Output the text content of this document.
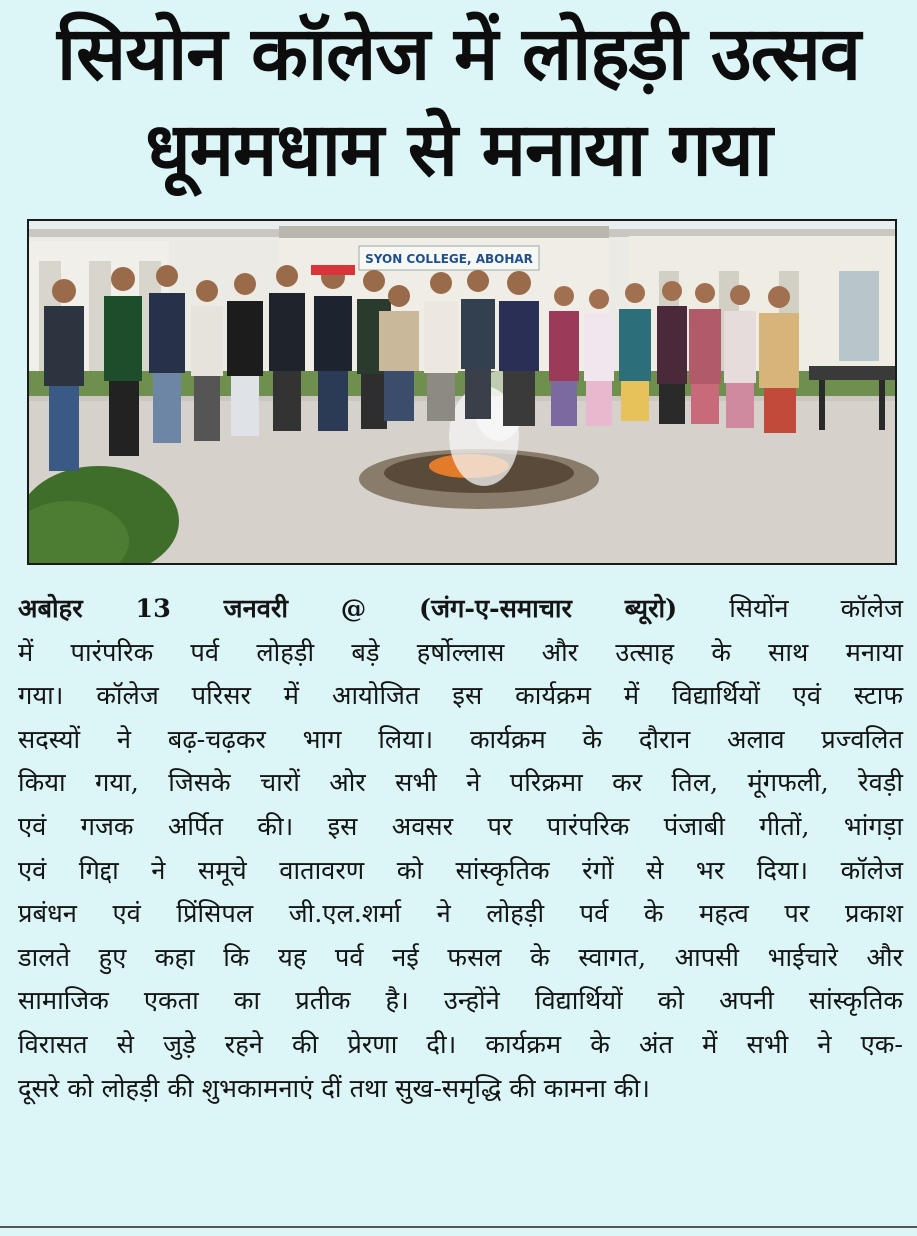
सियोन कॉलेज में लोहड़ी उत्सव
धूममधाम से मनाया गया
SYON COLLEGE, ABOHAR
अबोहर 13 जनवरी @ (जंग-ए-समाचार ब्यूरो) सियोंन कॉलेज
में पारंपरिक पर्व लोहड़ी बड़े हर्षोल्लास और उत्साह के साथ मनाया
गया। कॉलेज परिसर में आयोजित इस कार्यक्रम में विद्यार्थियों एवं स्टाफ
सदस्यों ने बढ़-चढ़कर भाग लिया। कार्यक्रम के दौरान अलाव प्रज्वलित
किया गया, जिसके चारों ओर सभी ने परिक्रमा कर तिल, मूंगफली, रेवड़ी
एवं गजक अर्पित की। इस अवसर पर पारंपरिक पंजाबी गीतों, भांगड़ा
एवं गिद्दा ने समूचे वातावरण को सांस्कृतिक रंगों से भर दिया। कॉलेज
प्रबंधन एवं प्रिंसिपल जी.एल.शर्मा ने लोहड़ी पर्व के महत्व पर प्रकाश
डालते हुए कहा कि यह पर्व नई फसल के स्वागत, आपसी भाईचारे और
सामाजिक एकता का प्रतीक है। उन्होंने विद्यार्थियों को अपनी सांस्कृतिक
विरासत से जुड़े रहने की प्रेरणा दी। कार्यक्रम के अंत में सभी ने एक-
दूसरे को लोहड़ी की शुभकामनाएं दीं तथा सुख-समृद्धि की कामना की।
